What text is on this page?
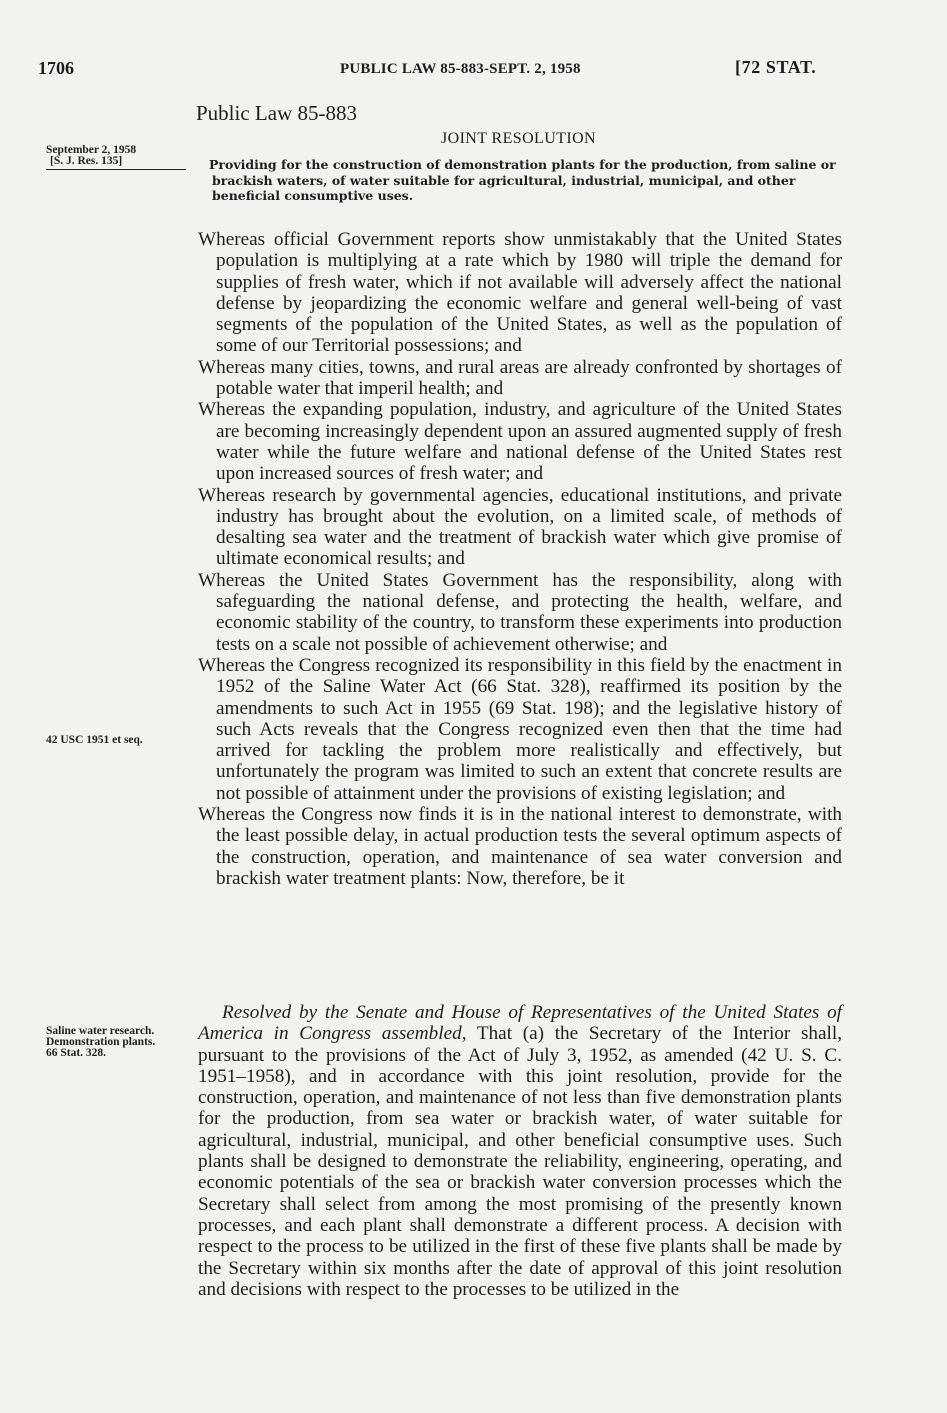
1706	PUBLIC LAW 85-883-SEPT. 2, 1958	[72 STAT.
Public Law 85-883
JOINT RESOLUTION
September 2, 1958
[S. J. Res. 135]	Providing for the construction of demonstration plants for the production, from saline or brackish waters, of water suitable for agricultural, industrial, municipal, and other beneficial consumptive uses.

Whereas official Government reports show unmistakably that the United States population is multiplying at a rate which by 1980 will triple the demand for supplies of fresh water, which if not available will adversely affect the national defense by jeopardizing the economic welfare and general well-being of vast segments of the population of the United States, as well as the population of some of our Territorial possessions; and

Whereas many cities, towns, and rural areas are already confronted by shortages of potable water that imperil health; and

Whereas the expanding population, industry, and agriculture of the United States are becoming increasingly dependent upon an assured augmented supply of fresh water while the future welfare and national defense of the United States rest upon increased sources of fresh water; and

Whereas research by governmental agencies, educational institutions, and private industry has brought about the evolution, on a limited scale, of methods of desalting sea water and the treatment of brackish water which give promise of ultimate economical results; and

Whereas the United States Government has the responsibility, along with safeguarding the national defense, and protecting the health, welfare, and economic stability of the country, to transform these experiments into production tests on a scale not possible of achievement otherwise; and

Whereas the Congress recognized its responsibility in this field by the enactment in 1952 of the Saline Water Act (66 Stat. 328), reaffirmed its position by the amendments to such Act in 1955 (69 Stat. 198); and the legislative history of such Acts reveals that the Congress recognized even then that the time had arrived for tackling the problem more realistically and effectively, but unfortunately the program was limited to such an extent that concrete results are not possible of attainment under the provisions of existing legislation; and

Whereas the Congress now finds it is in the national interest to demonstrate, with the least possible delay, in actual production tests the several optimum aspects of the construction, operation, and maintenance of sea water conversion and brackish water treatment plants: Now, therefore, be it

42 USC 1951 et seq.
Saline water research.
Demonstration plants.
66 Stat. 328.
Resolved by the Senate and House of Representatives of the United States of America in Congress assembled, That (a) the Secretary of the Interior shall, pursuant to the provisions of the Act of July 3, 1952, as amended (42 U. S. C. 1951–1958), and in accordance with this joint resolution, provide for the construction, operation, and maintenance of not less than five demonstration plants for the production, from sea water or brackish water, of water suitable for agricultural, industrial, municipal, and other beneficial consumptive uses. Such plants shall be designed to demonstrate the reliability, engineering, operating, and economic potentials of the sea or brackish water conversion processes which the Secretary shall select from among the most promising of the presently known processes, and each plant shall demonstrate a different process. A decision with respect to the process to be utilized in the first of these five plants shall be made by the Secretary within six months after the date of approval of this joint resolution and decisions with respect to the processes to be utilized in the
